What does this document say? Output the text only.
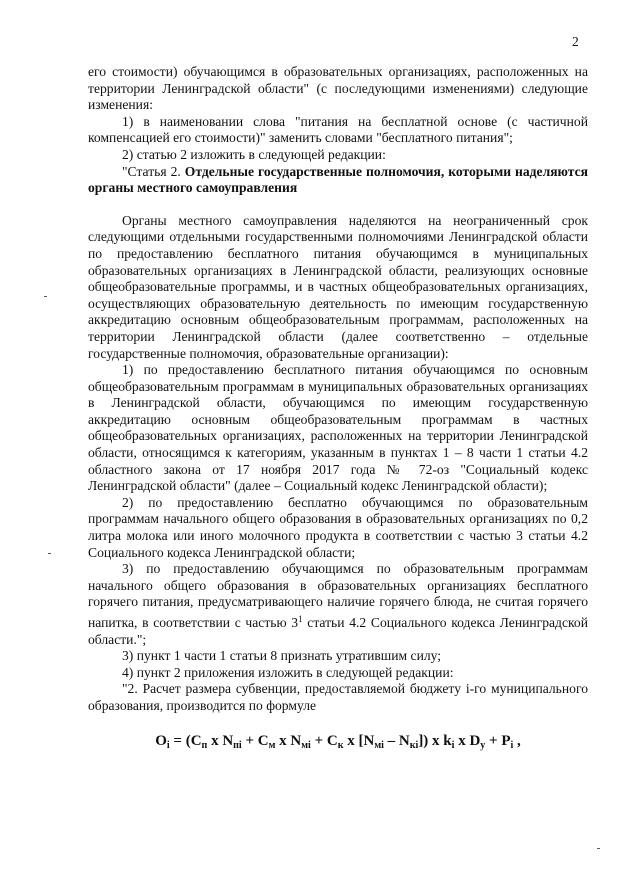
2

его стоимости) обучающимся в образовательных организациях, расположенных на территории Ленинградской области" (с последующими изменениями) следующие изменения:

1) в наименовании слова "питания на бесплатной основе (с частичной компенсацией его стоимости)" заменить словами "бесплатного питания";

2) статью 2 изложить в следующей редакции:

"Статья 2. Отдельные государственные полномочия, которыми наделяются органы местного самоуправления

Органы местного самоуправления наделяются на неограниченный срок следующими отдельными государственными полномочиями Ленинградской области по предоставлению бесплатного питания обучающимся в муниципальных образовательных организациях в Ленинградской области, реализующих основные общеобразовательные программы, и в частных общеобразовательных организациях, осуществляющих образовательную деятельность по имеющим государственную аккредитацию основным общеобразовательным программам, расположенных на территории Ленинградской области (далее соответственно – отдельные государственные полномочия, образовательные организации):

1) по предоставлению бесплатного питания обучающимся по основным общеобразовательным программам в муниципальных образовательных организациях в Ленинградской области, обучающимся по имеющим государственную аккредитацию основным общеобразовательным программам в частных общеобразовательных организациях, расположенных на территории Ленинградской области, относящимся к категориям, указанным в пунктах 1 – 8 части 1 статьи 4.2 областного закона от 17 ноября 2017 года № 72-оз "Социальный кодекс Ленинградской области" (далее – Социальный кодекс Ленинградской области);

2) по предоставлению бесплатно обучающимся по образовательным программам начального общего образования в образовательных организациях по 0,2 литра молока или иного молочного продукта в соответствии с частью 3 статьи 4.2 Социального кодекса Ленинградской области;

3) по предоставлению обучающимся по образовательным программам начального общего образования в образовательных организациях бесплатного горячего питания, предусматривающего наличие горячего блюда, не считая горячего напитка, в соответствии с частью $3^1$ статьи 4.2 Социального кодекса Ленинградской области.";

3) пункт 1 части 1 статьи 8 признать утратившим силу;

4) пункт 2 приложения изложить в следующей редакции:

"2. Расчет размера субвенции, предоставляемой бюджету i-го муниципального образования, производится по формуле

$O_i = (C_п$ x $N_{пi} + C_м$ x $N_{мi} + C_к$ x $[N_{мi} - N_{кi}]$) x $k_i$ x $D_y + P_i$ ,
